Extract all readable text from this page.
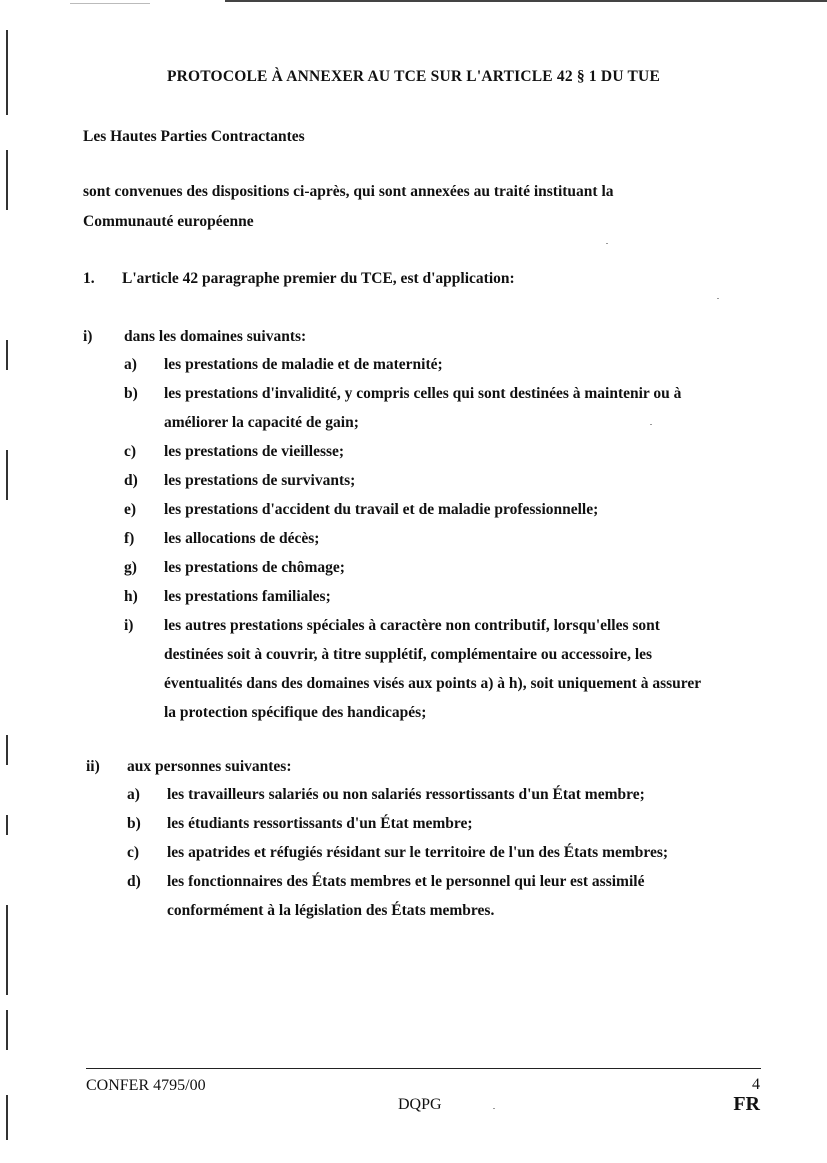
PROTOCOLE À ANNEXER AU TCE SUR L'ARTICLE 42 § 1 DU TUE
Les Hautes Parties Contractantes
sont convenues des dispositions ci-après, qui sont annexées au traité instituant la
Communauté européenne
1. L'article 42 paragraphe premier du TCE, est d'application:
i) dans les domaines suivants:
a) les prestations de maladie et de maternité;
b) les prestations d'invalidité, y compris celles qui sont destinées à maintenir ou à
améliorer la capacité de gain;
c) les prestations de vieillesse;
d) les prestations de survivants;
e) les prestations d'accident du travail et de maladie professionnelle;
f) les allocations de décès;
g) les prestations de chômage;
h) les prestations familiales;
i) les autres prestations spéciales à caractère non contributif, lorsqu'elles sont
destinées soit à couvrir, à titre supplétif, complémentaire ou accessoire, les
éventualités dans des domaines visés aux points a) à h), soit uniquement à assurer
la protection spécifique des handicapés;
ii) aux personnes suivantes:
a) les travailleurs salariés ou non salariés ressortissants d'un État membre;
b) les étudiants ressortissants d'un État membre;
c) les apatrides et réfugiés résidant sur le territoire de l'un des États membres;
d) les fonctionnaires des États membres et le personnel qui leur est assimilé
conformément à la législation des États membres.
CONFER 4795/00
DQPG
4
FR
